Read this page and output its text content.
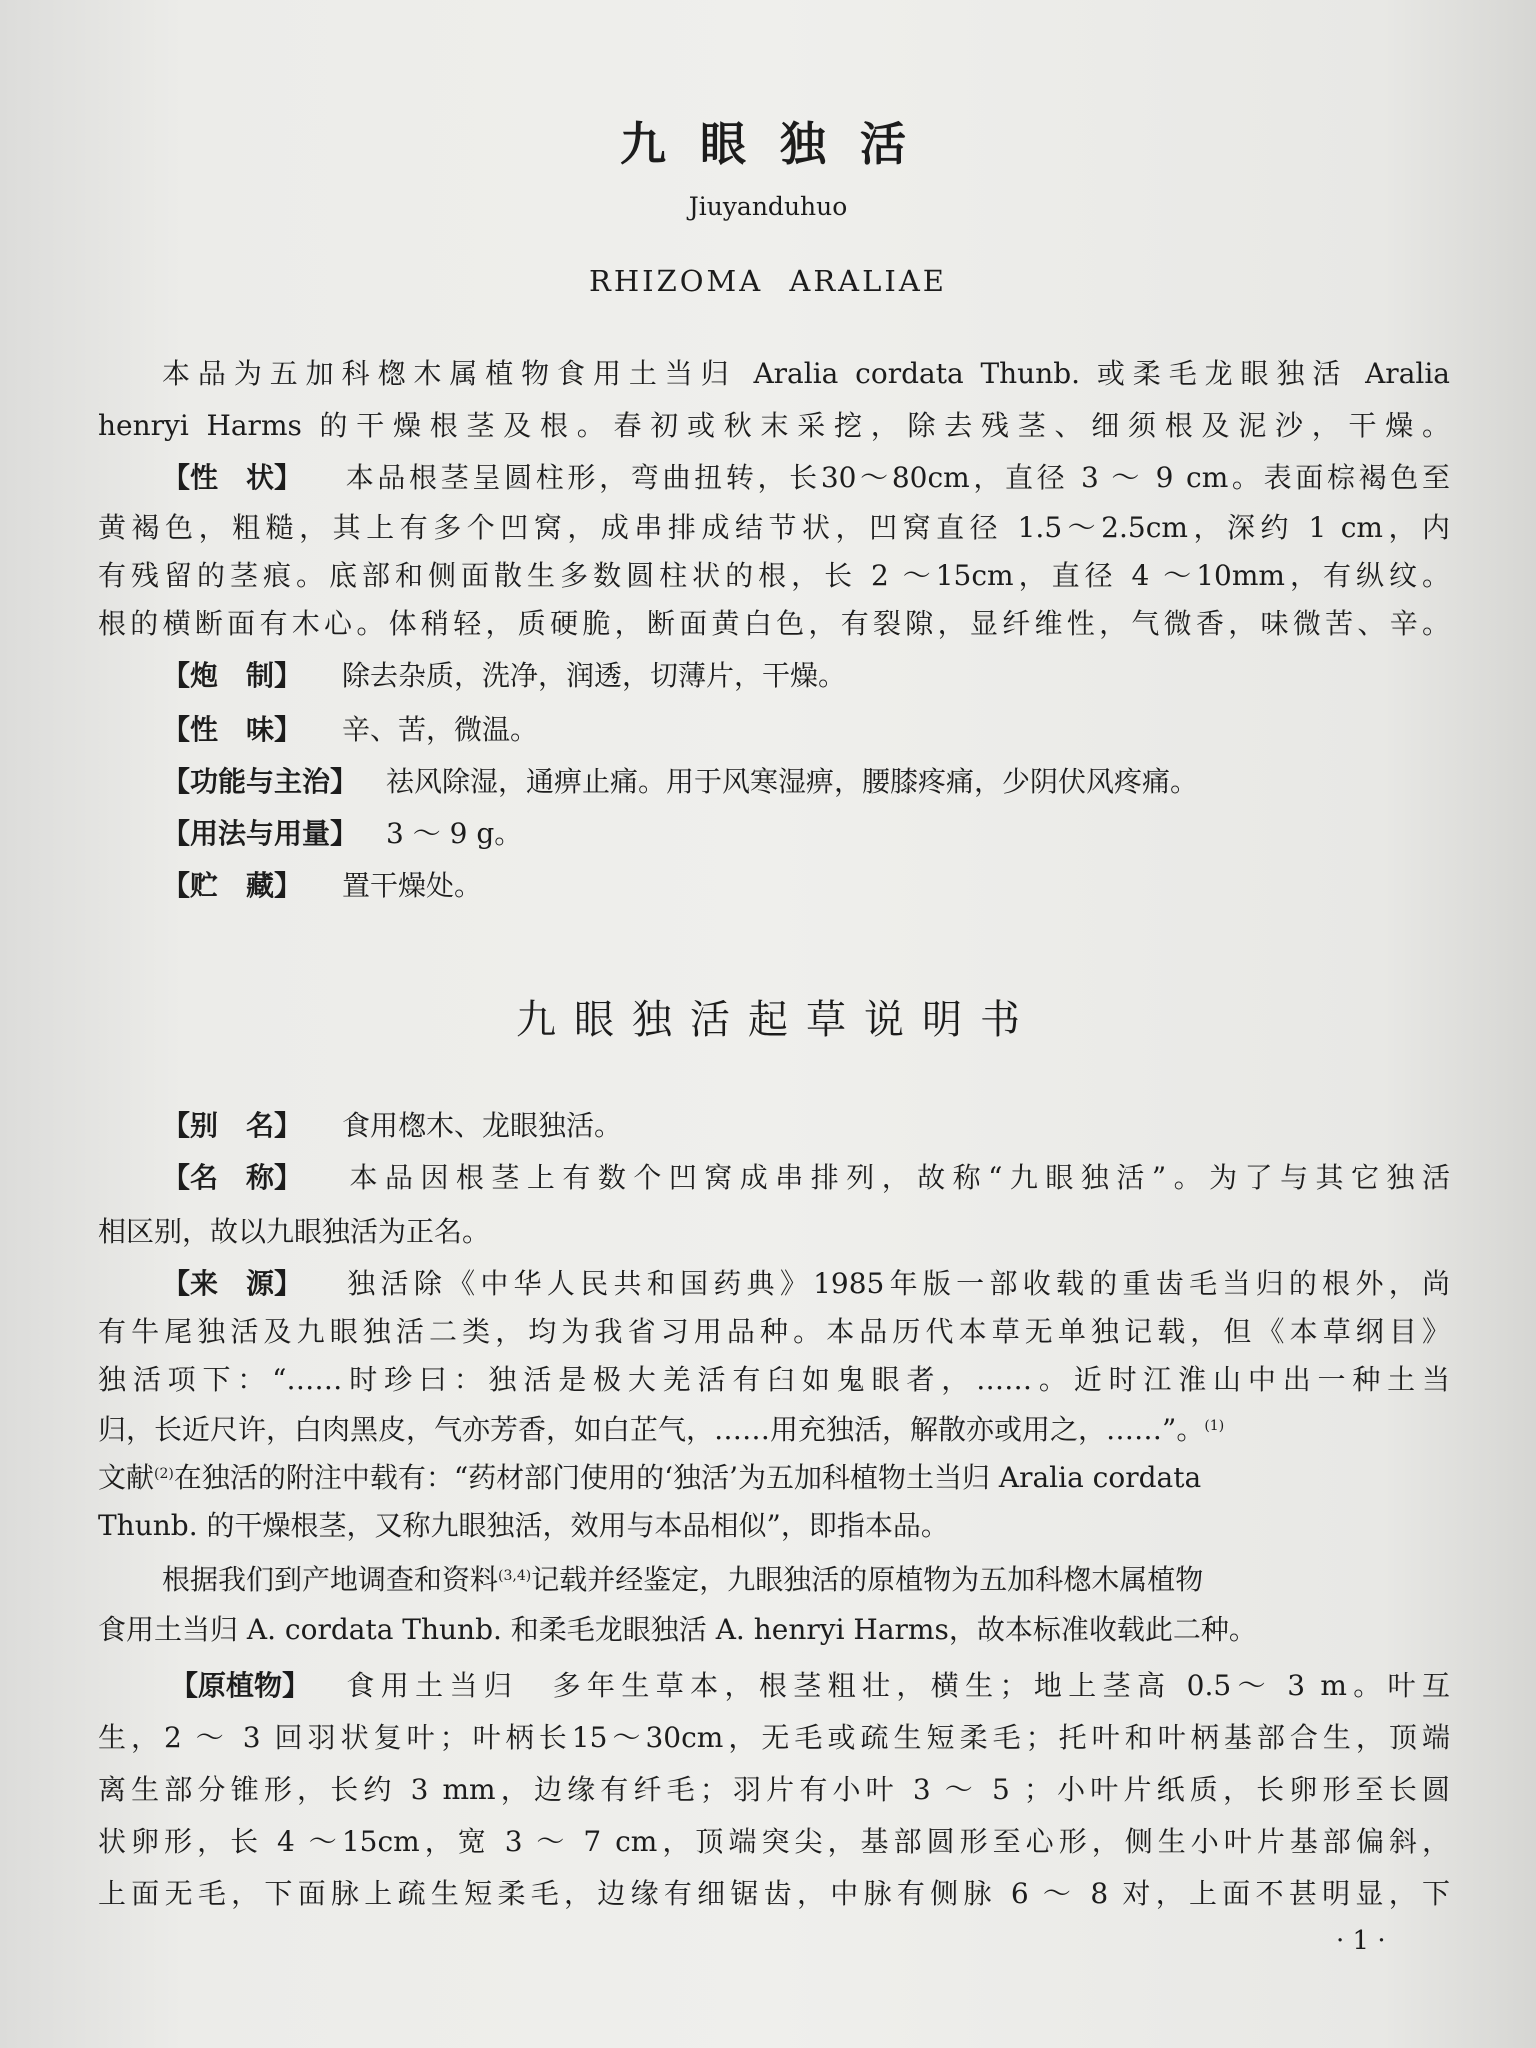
九眼独活
Jiuyanduhuo
RHIZOMA ARALIAE
本品为五加科楤木属植物食用土当归 Aralia cordata Thunb. 或柔毛龙眼独活 Aralia
henryi Harms 的干燥根茎及根。春初或秋末采挖，除去残茎、细须根及泥沙，干燥。
【性　状】 本品根茎呈圆柱形，弯曲扭转，长30～80cm，直径 3 ～ 9 cm。表面棕褐色至
黄褐色，粗糙，其上有多个凹窝，成串排成结节状，凹窝直径 1.5～2.5cm，深约 1 cm，内
有残留的茎痕。底部和侧面散生多数圆柱状的根，长 2 ～15cm，直径 4 ～10mm，有纵纹。
根的横断面有木心。体稍轻，质硬脆，断面黄白色，有裂隙，显纤维性，气微香，味微苦、辛。
【炮　制】 除去杂质，洗净，润透，切薄片，干燥。
【性　味】 辛、苦，微温。
【功能与主治】 祛风除湿，通痹止痛。用于风寒湿痹，腰膝疼痛，少阴伏风疼痛。
【用法与用量】 3 ～ 9 g。
【贮　藏】 置干燥处。
九眼独活起草说明书
【别　名】 食用楤木、龙眼独活。
【名　称】 本品因根茎上有数个凹窝成串排列，故称“九眼独活”。为了与其它独活
相区别，故以九眼独活为正名。
【来　源】 独活除《中华人民共和国药典》1985年版一部收载的重齿毛当归的根外，尚
有牛尾独活及九眼独活二类，均为我省习用品种。本品历代本草无单独记载，但《本草纲目》
独活项下：“……时珍曰：独活是极大羌活有臼如鬼眼者，……。近时江淮山中出一种土当
归，长近尺许，白肉黑皮，气亦芳香，如白芷气，……用充独活，解散亦或用之，……”。$^{(1)}$
文献$^{(2)}$在独活的附注中载有：“药材部门使用的‘独活’为五加科植物土当归 Aralia cordata
Thunb. 的干燥根茎，又称九眼独活，效用与本品相似”，即指本品。
根据我们到产地调查和资料$^{(3,4)}$记载并经鉴定，九眼独活的原植物为五加科楤木属植物
食用土当归 A. cordata Thunb. 和柔毛龙眼独活 A. henryi Harms，故本标准收载此二种。
【原植物】 食用土当归　多年生草本，根茎粗壮，横生；地上茎高 0.5～ 3 m。叶互
生，2 ～ 3 回羽状复叶；叶柄长15～30cm，无毛或疏生短柔毛；托叶和叶柄基部合生，顶端
离生部分锥形，长约 3 mm，边缘有纤毛；羽片有小叶 3 ～ 5 ；小叶片纸质，长卵形至长圆
状卵形，长 4 ～15cm，宽 3 ～ 7 cm，顶端突尖，基部圆形至心形，侧生小叶片基部偏斜，
上面无毛，下面脉上疏生短柔毛，边缘有细锯齿，中脉有侧脉 6 ～ 8 对，上面不甚明显，下
· 1 ·
